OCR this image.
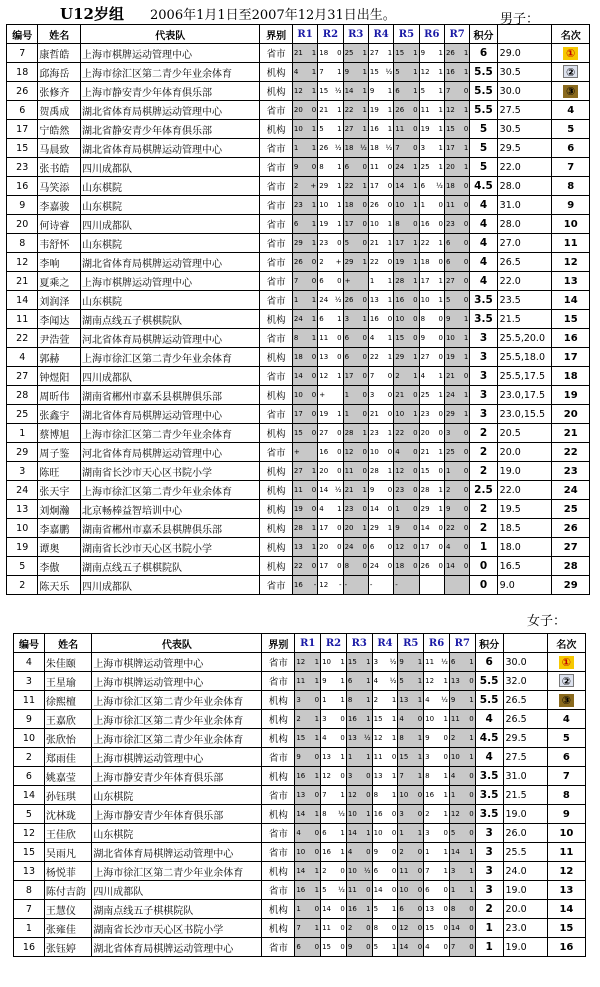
U12岁组 2006年1月1日至2007年12月31日出生。	男子：
编号	姓名	代表队	界别	R1	R2	R3	R4	R5	R6	R7	积分		名次
7	康哲皓	上海市棋牌运动管理中心	省市	21 1	18 0	25 1	27 1	15 1	9 1	26 1	6	29.0	①
18	邱海岳	上海市徐汇区第二青少年业余体育	机构	4 1	7 1	9 1	15 ½	5 1	12 1	16 1	5.5	30.5	②
26	张修齐	上海市静安青少年体育俱乐部	机构	12 1	15 ½	14 1	9 1	6 1	5 1	7 0	5.5	30.0	③
6	贺禹成	湖北省体育局棋牌运动管理中心	省市	20 0	21 1	22 1	19 1	26 0	11 1	12 1	5.5	27.5	4
17	宁皓然	湖北省静安青少年体育俱乐部	机构	10 1	5 1	27 1	16 1	11 0	19 1	15 0	5	30.5	5
15	马晨致	湖北省体育局棋牌运动管理中心	省市	1 1	26 ½	18 ½	18 ½	7 0	3 1	17 1	5	29.5	6
23	张书皓	四川成都队	省市	9 0	8 1	6 0	11 0	24 1	25 1	20 1	5	22.0	7
16	马笑添	山东棋院	省市	2 +	29 1	22 1	17 0	14 1	6 ½	18 0	4.5	28.0	8
9	李嘉骏	山东棋院	省市	23 1	10 1	18 0	26 0	10 1	1 0	11 0	4	31.0	9
20	何诗睿	四川成都队	省市	6 1	19 1	17 0	10 1	8 0	16 0	23 0	4	28.0	10
8	韦舒怀	山东棋院	省市	29 1	23 0	5 0	21 1	17 1	22 1	6 0	4	27.0	11
12	李响	湖北省体育局棋牌运动管理中心	省市	26 0	2 +	29 1	22 0	19 1	18 0	6 0	4	26.5	12
21	夏乘之	上海市棋牌运动管理中心	省市	7 0	6 0	+	1 1	28 1	17 1	27 0	4	22.0	13
14	刘润泽	山东棋院	省市	1 1	24 ½	26 0	13 1	16 0	10 1	5 0	3.5	23.5	14
11	李闻达	湖南点线五子棋棋院队	机构	24 1	6 1	3 1	16 0	10 0	8 0	9 1	3.5	21.5	15
22	尹浩萱	河北省体育局棋牌运动管理中心	省市	8 1	11 0	6 0	4 1	15 0	9 0	10 1	3	25.5,20.0	16
4	郭赫	上海市徐汇区第二青少年业余体育	机构	18 0	13 0	6 0	22 1	29 1	27 0	19 1	3	25.5,18.0	17
27	钟煜阳	四川成都队	省市	14 0	12 1	17 0	7 0	2 1	4 1	21 0	3	25.5,17.5	18
28	周昕伟	湖南省郴州市嘉禾县棋牌俱乐部	机构	10 0	+	1 0	3 0	21 0	25 1	24 1	3	23.0,17.5	19
25	张鑫宇	湖北省体育局棋牌运动管理中心	省市	17 0	19 1	1 0	21 0	10 1	23 0	29 1	3	23.0,15.5	20
1	蔡博旭	上海市徐汇区第二青少年业余体育	机构	15 0	27 0	28 1	23 1	22 0	20 0	3 0	2	20.5	21
29	周子鉴	河北省体育局棋牌运动管理中心	省市	+	16 0	12 0	10 0	4 0	21 1	25 0	2	20.0	22
3	陈旺	湖南省长沙市天心区书院小学	机构	27 1	20 0	11 0	28 1	12 0	15 0	1 0	2	19.0	23
24	张天宇	上海市徐汇区第二青少年业余体育	机构	11 0	14 ½	21 1	9 0	23 0	28 1	2 0	2.5	22.0	24
13	刘炯瀚	北京畅棒益智培训中心	机构	19 0	4 1	23 0	14 0	1 0	29 1	9 0	2	19.5	25
10	李嘉鹏	湖南省郴州市嘉禾县棋牌俱乐部	机构	28 1	17 0	20 1	29 1	9 0	14 0	22 0	2	18.5	26
19	谭奥	湖南省长沙市天心区书院小学	机构	13 1	20 0	24 0	6 0	12 0	17 0	4 0	1	18.0	27
5	李傲	湖南点线五子棋棋院队	机构	22 0	17 0	8 0	24 0	18 0	26 0	14 0	0	16.5	28
2	陈天乐	四川成都队	省市	16 -	12 -	-	-	-			0	9.0	29
女子：
编号	姓名	代表队	界别	R1	R2	R3	R4	R5	R6	R7	积分		名次
4	朱佳颐	上海市棋牌运动管理中心	省市	12 1	10 1	15 1	3 ½	9 1	11 ½	6 1	6	30.0	①
3	王星瑜	上海市棋牌运动管理中心	省市	11 1	9 1	6 1	4 ½	5 1	12 1	13 0	5.5	32.0	②
11	徐熙檀	上海市徐汇区第二青少年业余体育	机构	3 0	1 1	8 1	2 1	13 1	4 ½	9 1	5.5	26.5	③
9	王嘉欣	上海市徐汇区第二青少年业余体育	机构	2 1	3 0	16 1	15 1	4 0	10 1	11 0	4	26.5	4
10	张欣怡	上海市徐汇区第二青少年业余体育	机构	15 1	4 0	13 ½	12 1	8 1	9 0	2 1	4.5	29.5	5
2	郑雨佳	上海市棋牌运动管理中心	省市	9 0	13 1	1 1	11 0	15 1	3 0	10 1	4	27.5	6
6	姚嘉莹	上海市静安青少年体育俱乐部	机构	16 1	12 0	3 0	13 1	7 1	8 1	4 0	3.5	31.0	7
14	孙钰琪	山东棋院	省市	13 0	7 1	12 0	8 1	10 0	16 1	1 0	3.5	21.5	8
5	沈林珑	上海市静安青少年体育俱乐部	机构	14 1	8 ½	10 1	16 0	3 0	2 1	12 0	3.5	19.0	9
12	王佳欣	山东棋院	省市	4 0	6 1	14 1	10 0	1 1	3 0	5 0	3	26.0	10
15	吴雨凡	湖北省体育局棋牌运动管理中心	省市	10 0	16 1	4 0	9 0	2 0	1 1	14 1	3	25.5	11
13	杨悦菲	上海市徐汇区第二青少年业余体育	机构	14 1	2 0	10 ½	6 0	11 0	7 1	3 1	3	24.0	12
8	陈付吉韵	四川成都队	省市	16 1	5 ½	11 0	14 0	10 0	6 0	1 1	3	19.0	13
7	王慧仪	湖南点线五子棋棋院队	机构	1 0	14 0	16 1	5 1	6 0	13 0	8 0	2	20.0	14
1	张雍佳	湖南省长沙市天心区书院小学	机构	7 1	11 0	2 0	8 0	12 0	15 0	14 0	1	23.0	15
16	张钰婷	湖北省体育局棋牌运动管理中心	省市	6 0	15 0	9 0	5 1	14 0	4 0	7 0	1	19.0	16
